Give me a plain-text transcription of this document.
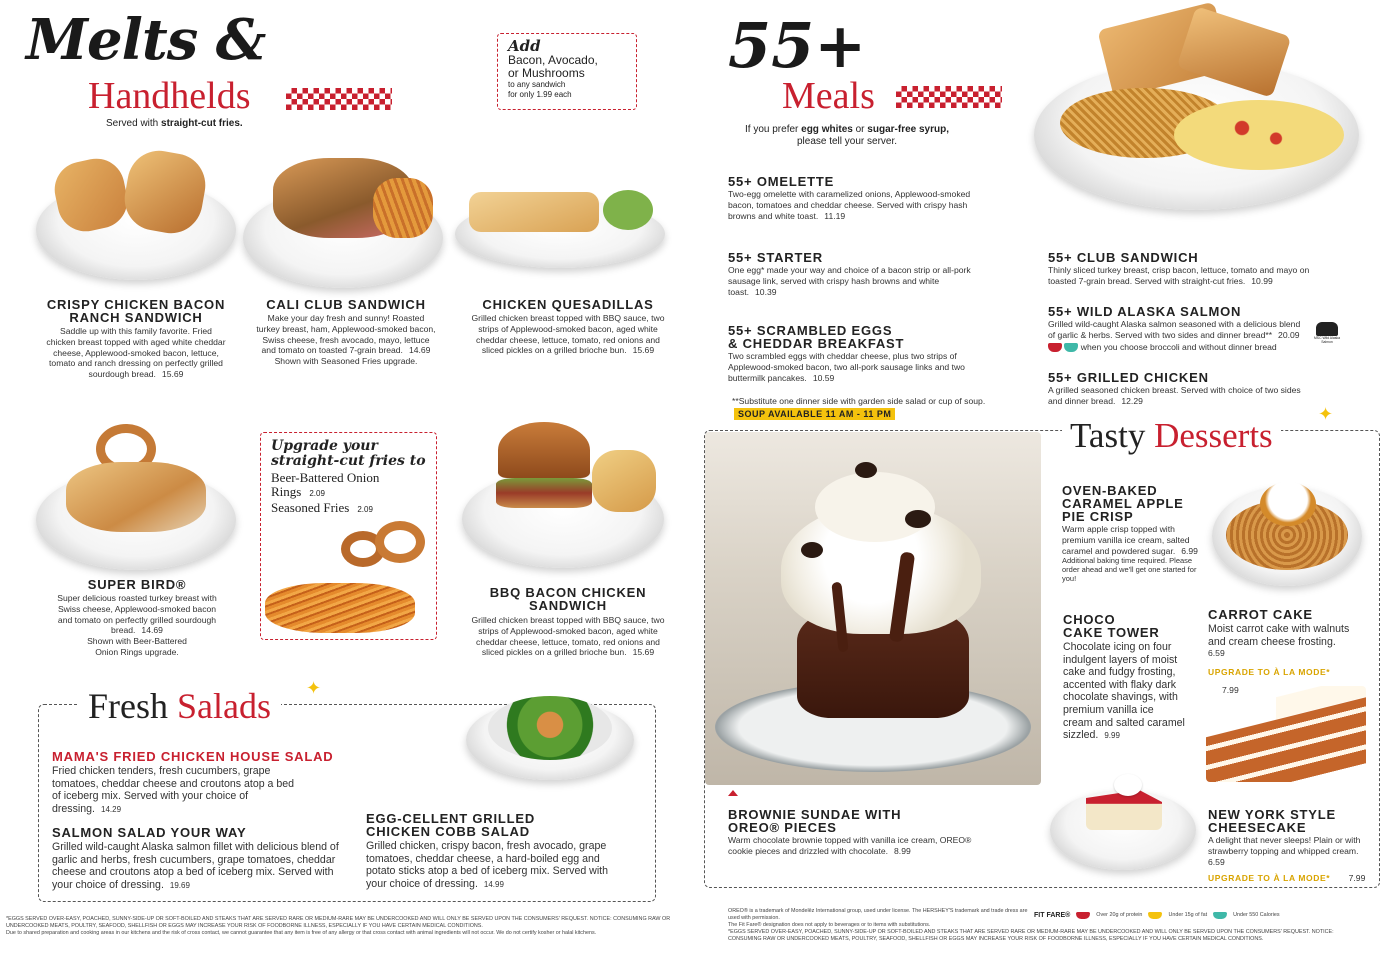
Melts &
Handhelds
Served with straight-cut fries.
Add
Bacon, Avocado,
or Mushrooms
to any sandwich
for only 1.99 each
CRISPY CHICKEN BACON
RANCH SANDWICH
Saddle up with this family favorite. Fried chicken breast topped with aged white cheddar cheese, Applewood-smoked bacon, lettuce, tomato and ranch dressing on perfectly grilled sourdough bread. 15.69
CALI CLUB SANDWICH
Make your day fresh and sunny! Roasted turkey breast, ham, Applewood-smoked bacon, Swiss cheese, fresh avocado, mayo, lettuce and tomato on toasted 7-grain bread. 14.69
Shown with Seasoned Fries upgrade.
CHICKEN QUESADILLAS
Grilled chicken breast topped with BBQ sauce, two strips of Applewood-smoked bacon, aged white cheddar cheese, lettuce, tomato, red onions and sliced pickles on a grilled brioche bun. 15.69
Upgrade your
straight-cut fries to
Beer-Battered Onion
Rings 2.09
Seasoned Fries 2.09
SUPER BIRD®
Super delicious roasted turkey breast with Swiss cheese, Applewood-smoked bacon and tomato on perfectly grilled sourdough bread. 14.69
Shown with Beer-Battered Onion Rings upgrade.
BBQ BACON CHICKEN
SANDWICH
Grilled chicken breast topped with BBQ sauce, two strips of Applewood-smoked bacon, aged white cheddar cheese, lettuce, tomato, red onions and sliced pickles on a grilled brioche bun. 15.69
Fresh Salads	✦
MAMA'S FRIED CHICKEN HOUSE SALAD
Fried chicken tenders, fresh cucumbers, grape tomatoes, cheddar cheese and croutons atop a bed of iceberg mix. Served with your choice of dressing. 14.29
SALMON SALAD YOUR WAY
Grilled wild-caught Alaska salmon fillet with delicious blend of garlic and herbs, fresh cucumbers, grape tomatoes, cheddar cheese and croutons atop a bed of iceberg mix. Served with your choice of dressing. 19.69
EGG-CELLENT GRILLED
CHICKEN COBB SALAD
Grilled chicken, crispy bacon, fresh avocado, grape tomatoes, cheddar cheese, a hard-boiled egg and potato sticks atop a bed of iceberg mix. Served with your choice of dressing. 14.99
*EGGS SERVED OVER-EASY, POACHED, SUNNY-SIDE-UP OR SOFT-BOILED AND STEAKS THAT ARE SERVED RARE OR MEDIUM-RARE MAY BE UNDERCOOKED AND WILL ONLY BE SERVED UPON THE CONSUMERS' REQUEST. NOTICE: CONSUMING RAW OR UNDERCOOKED MEATS, POULTRY, SEAFOOD, SHELLFISH OR EGGS MAY INCREASE YOUR RISK OF FOODBORNE ILLNESS, ESPECIALLY IF YOU HAVE CERTAIN MEDICAL CONDITIONS.
Due to shared preparation and cooking areas in our kitchens and the risk of cross contact, we cannot guarantee that any item is free of any allergy or that cross contact with animal ingredients will not occur. We do not certify kosher or halal kitchens.
55+
Meals
If you prefer egg whites or sugar-free syrup,
please tell your server.
55+ OMELETTE
Two-egg omelette with caramelized onions, Applewood-smoked bacon, tomatoes and cheddar cheese. Served with crispy hash browns and white toast. 11.19
55+ STARTER
One egg* made your way and choice of a bacon strip or all-pork sausage link, served with crispy hash browns and white toast. 10.39
55+ SCRAMBLED EGGS
& CHEDDAR BREAKFAST
Two scrambled eggs with cheddar cheese, plus two strips of Applewood-smoked bacon, two all-pork sausage links and two buttermilk pancakes. 10.59
**Substitute one dinner side with garden side salad or cup of soup.
SOUP AVAILABLE 11 AM - 11 PM
55+ CLUB SANDWICH
Thinly sliced turkey breast, crisp bacon, lettuce, tomato and mayo on toasted 7-grain bread. Served with straight-cut fries. 10.99
55+ WILD ALASKA SALMON
Grilled wild-caught Alaska salmon seasoned with a delicious blend of garlic & herbs. Served with two sides and dinner bread** 20.09

when you choose broccoli and without dinner bread
MSC Wild Alaska Salmon
55+ GRILLED CHICKEN
A grilled seasoned chicken breast. Served with choice of two sides and dinner bread. 12.29
Tasty Desserts
✦
OVEN-BAKED
CARAMEL APPLE
PIE CRISP
Warm apple crisp topped with premium vanilla ice cream, salted caramel and powdered sugar. 6.99
Additional baking time required. Please order ahead and we'll get one started for you!
CHOCO
CAKE TOWER
Chocolate icing on four indulgent layers of moist cake and fudgy frosting, accented with flaky dark chocolate shavings, with premium vanilla ice cream and salted caramel sizzled. 9.99
CARROT CAKE
Moist carrot cake with walnuts and cream cheese frosting.
6.59
UPGRADE TO À LA MODE* 7.99
BROWNIE SUNDAE WITH
OREO® PIECES
Warm chocolate brownie topped with vanilla ice cream, OREO® cookie pieces and drizzled with chocolate. 8.99
NEW YORK STYLE
CHEESECAKE
A delight that never sleeps! Plain or with strawberry topping and whipped cream.
6.59
UPGRADE TO À LA MODE* 7.99
OREO® is a trademark of Mondelēz International group, used under license. The HERSHEY'S trademark and trade dress are used with permission.	FIT FARE®	Over 20g of protein	Under 15g of fat	Under 550 Calories
The Fit Fare® designation does not apply to beverages or to items with substitutions.
*EGGS SERVED OVER-EASY, POACHED, SUNNY-SIDE-UP OR SOFT-BOILED AND STEAKS THAT ARE SERVED RARE OR MEDIUM-RARE MAY BE UNDERCOOKED AND WILL ONLY BE SERVED UPON THE CONSUMERS' REQUEST. NOTICE: CONSUMING RAW OR UNDERCOOKED MEATS, POULTRY, SEAFOOD, SHELLFISH OR EGGS MAY INCREASE YOUR RISK OF FOODBORNE ILLNESS, ESPECIALLY IF YOU HAVE CERTAIN MEDICAL CONDITIONS.
